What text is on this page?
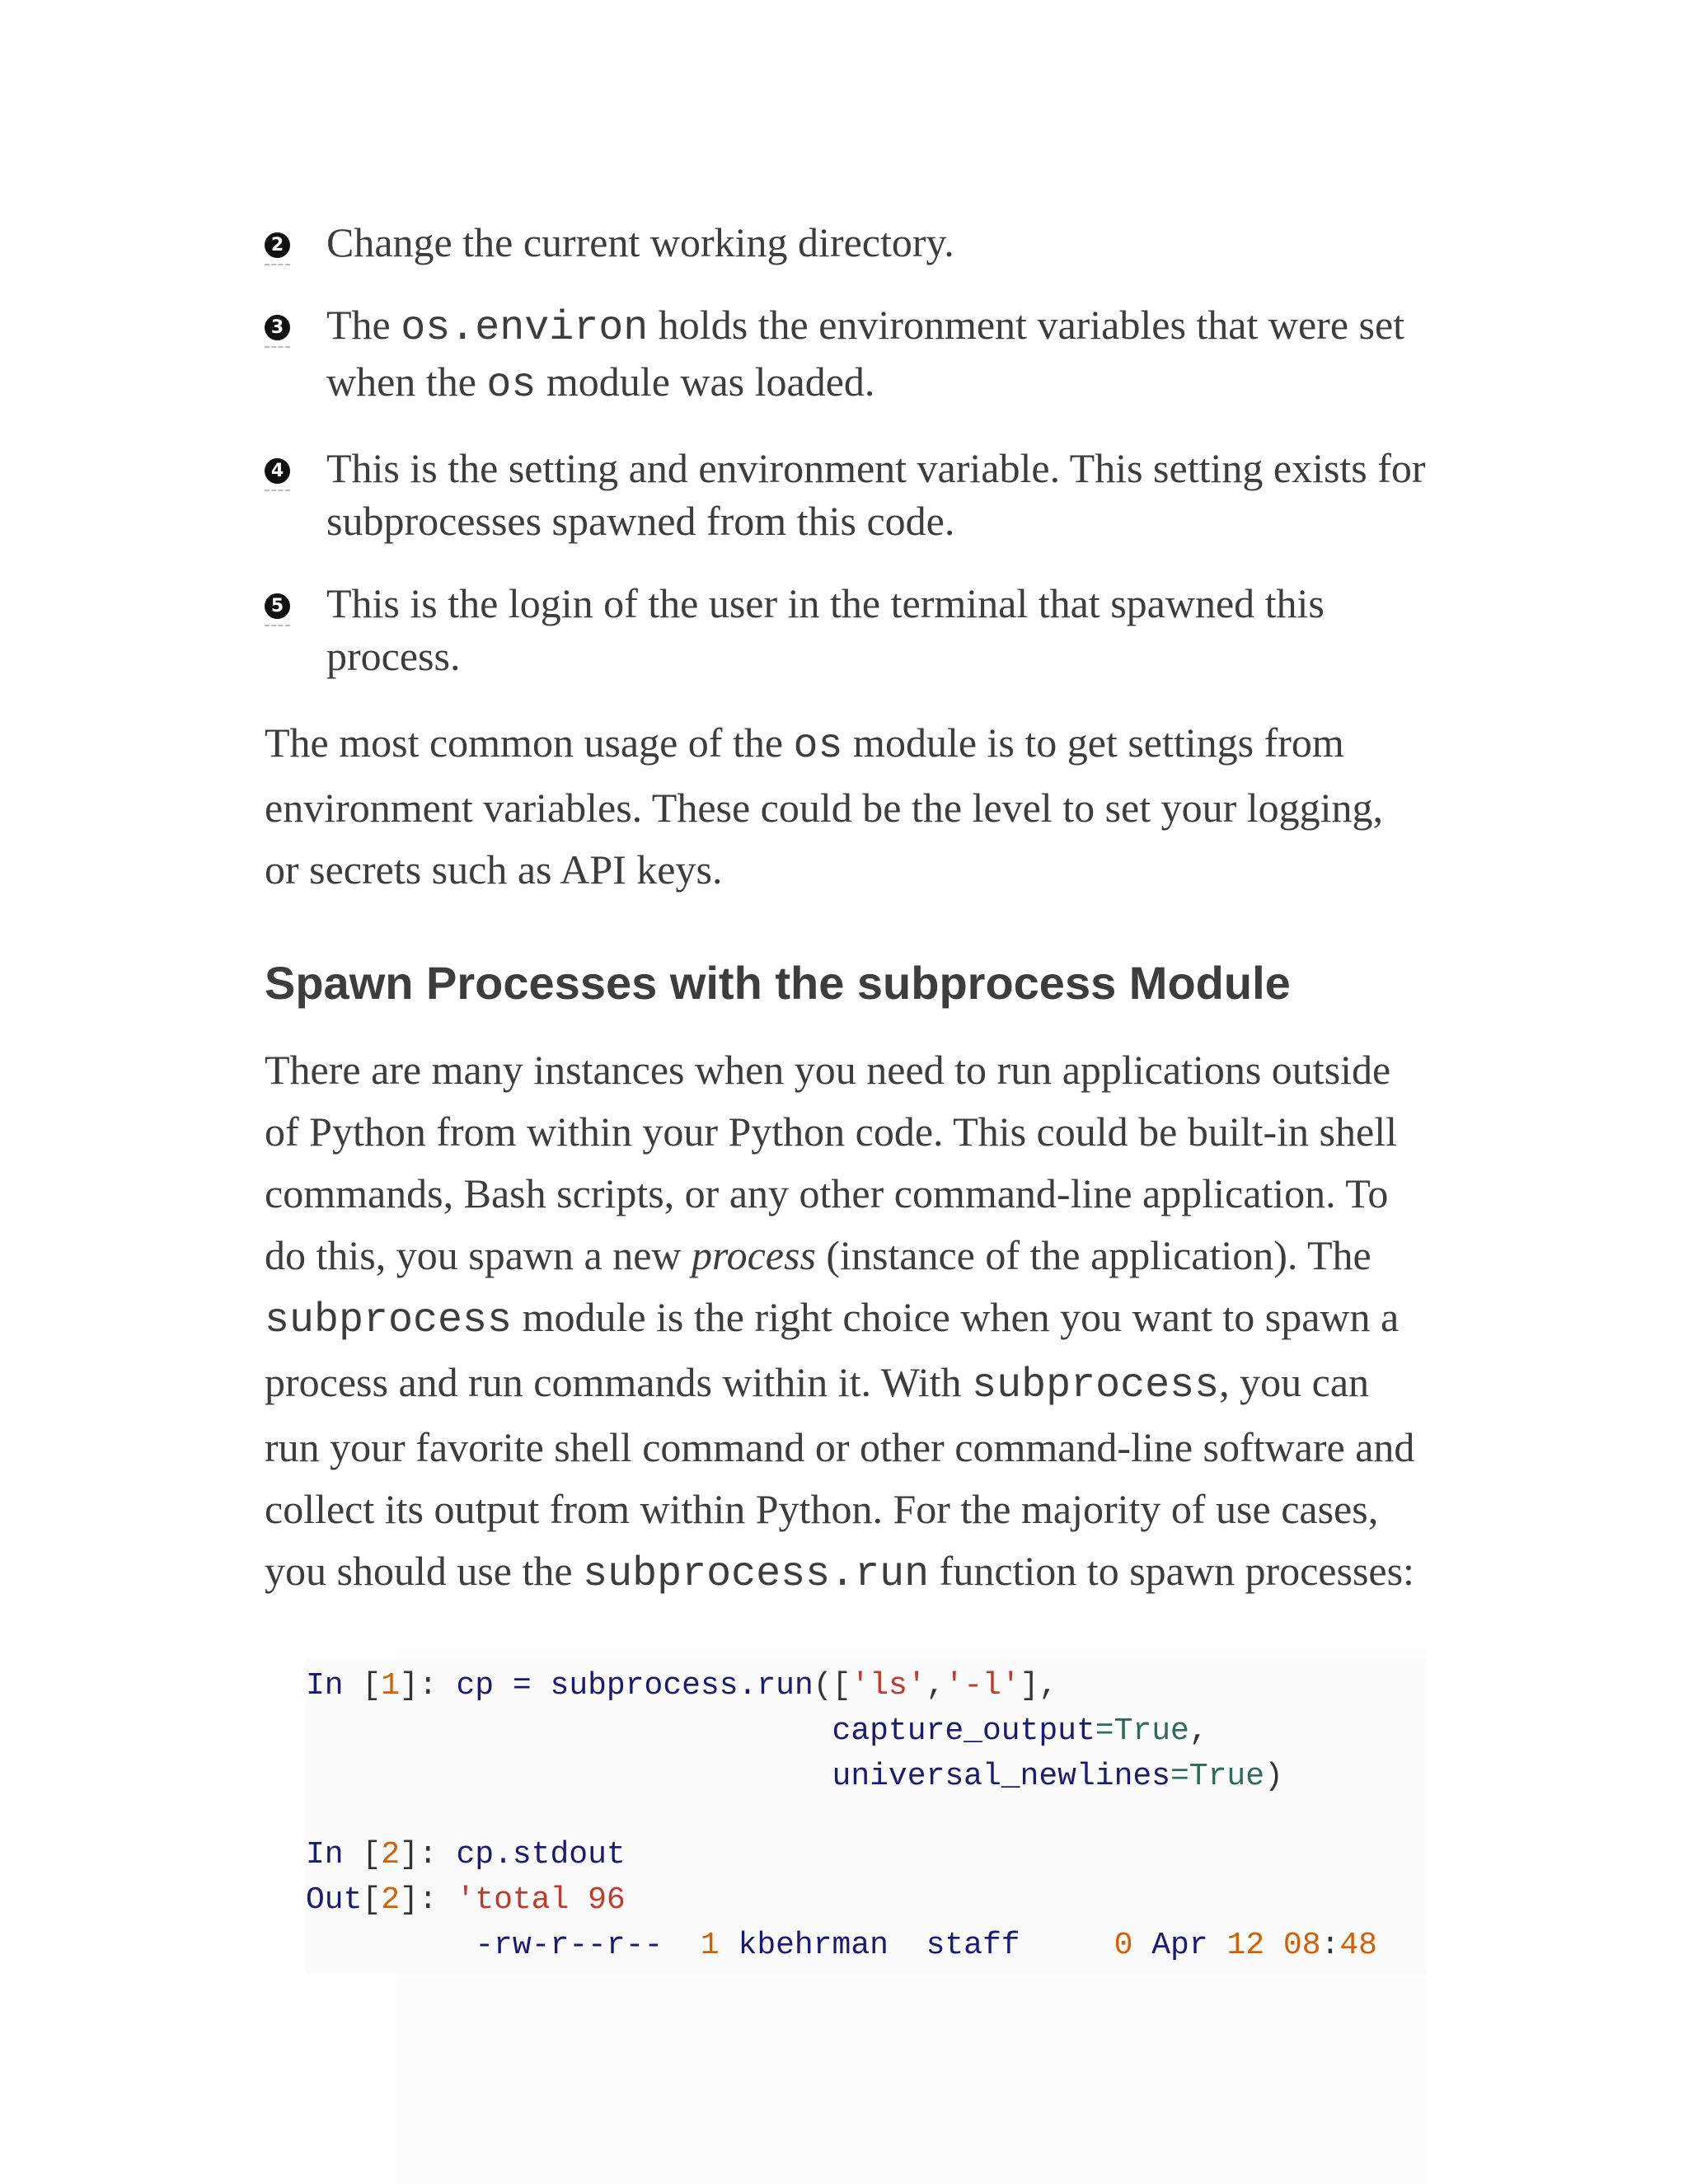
2 Change the current working directory.
3 The os.environ holds the environment variables that were set when the os module was loaded.
4 This is the setting and environment variable. This setting exists for subprocesses spawned from this code.
5 This is the login of the user in the terminal that spawned this process.

The most common usage of the os module is to get settings from environment variables. These could be the level to set your logging, or secrets such as API keys.

Spawn Processes with the subprocess Module

There are many instances when you need to run applications outside of Python from within your Python code. This could be built-in shell commands, Bash scripts, or any other command-line application. To do this, you spawn a new process (instance of the application). The subprocess module is the right choice when you want to spawn a process and run commands within it. With subprocess, you can run your favorite shell command or other command-line software and collect its output from within Python. For the majority of use cases, you should use the subprocess.run function to spawn processes:

In [1]: cp = subprocess.run(['ls','-l'],
capture_output=True,
universal_newlines=True)
In [2]: cp.stdout
Out[2]: 'total 96
-rw-r--r-- 1 kbehrman staff	0 Apr 12 08:48
